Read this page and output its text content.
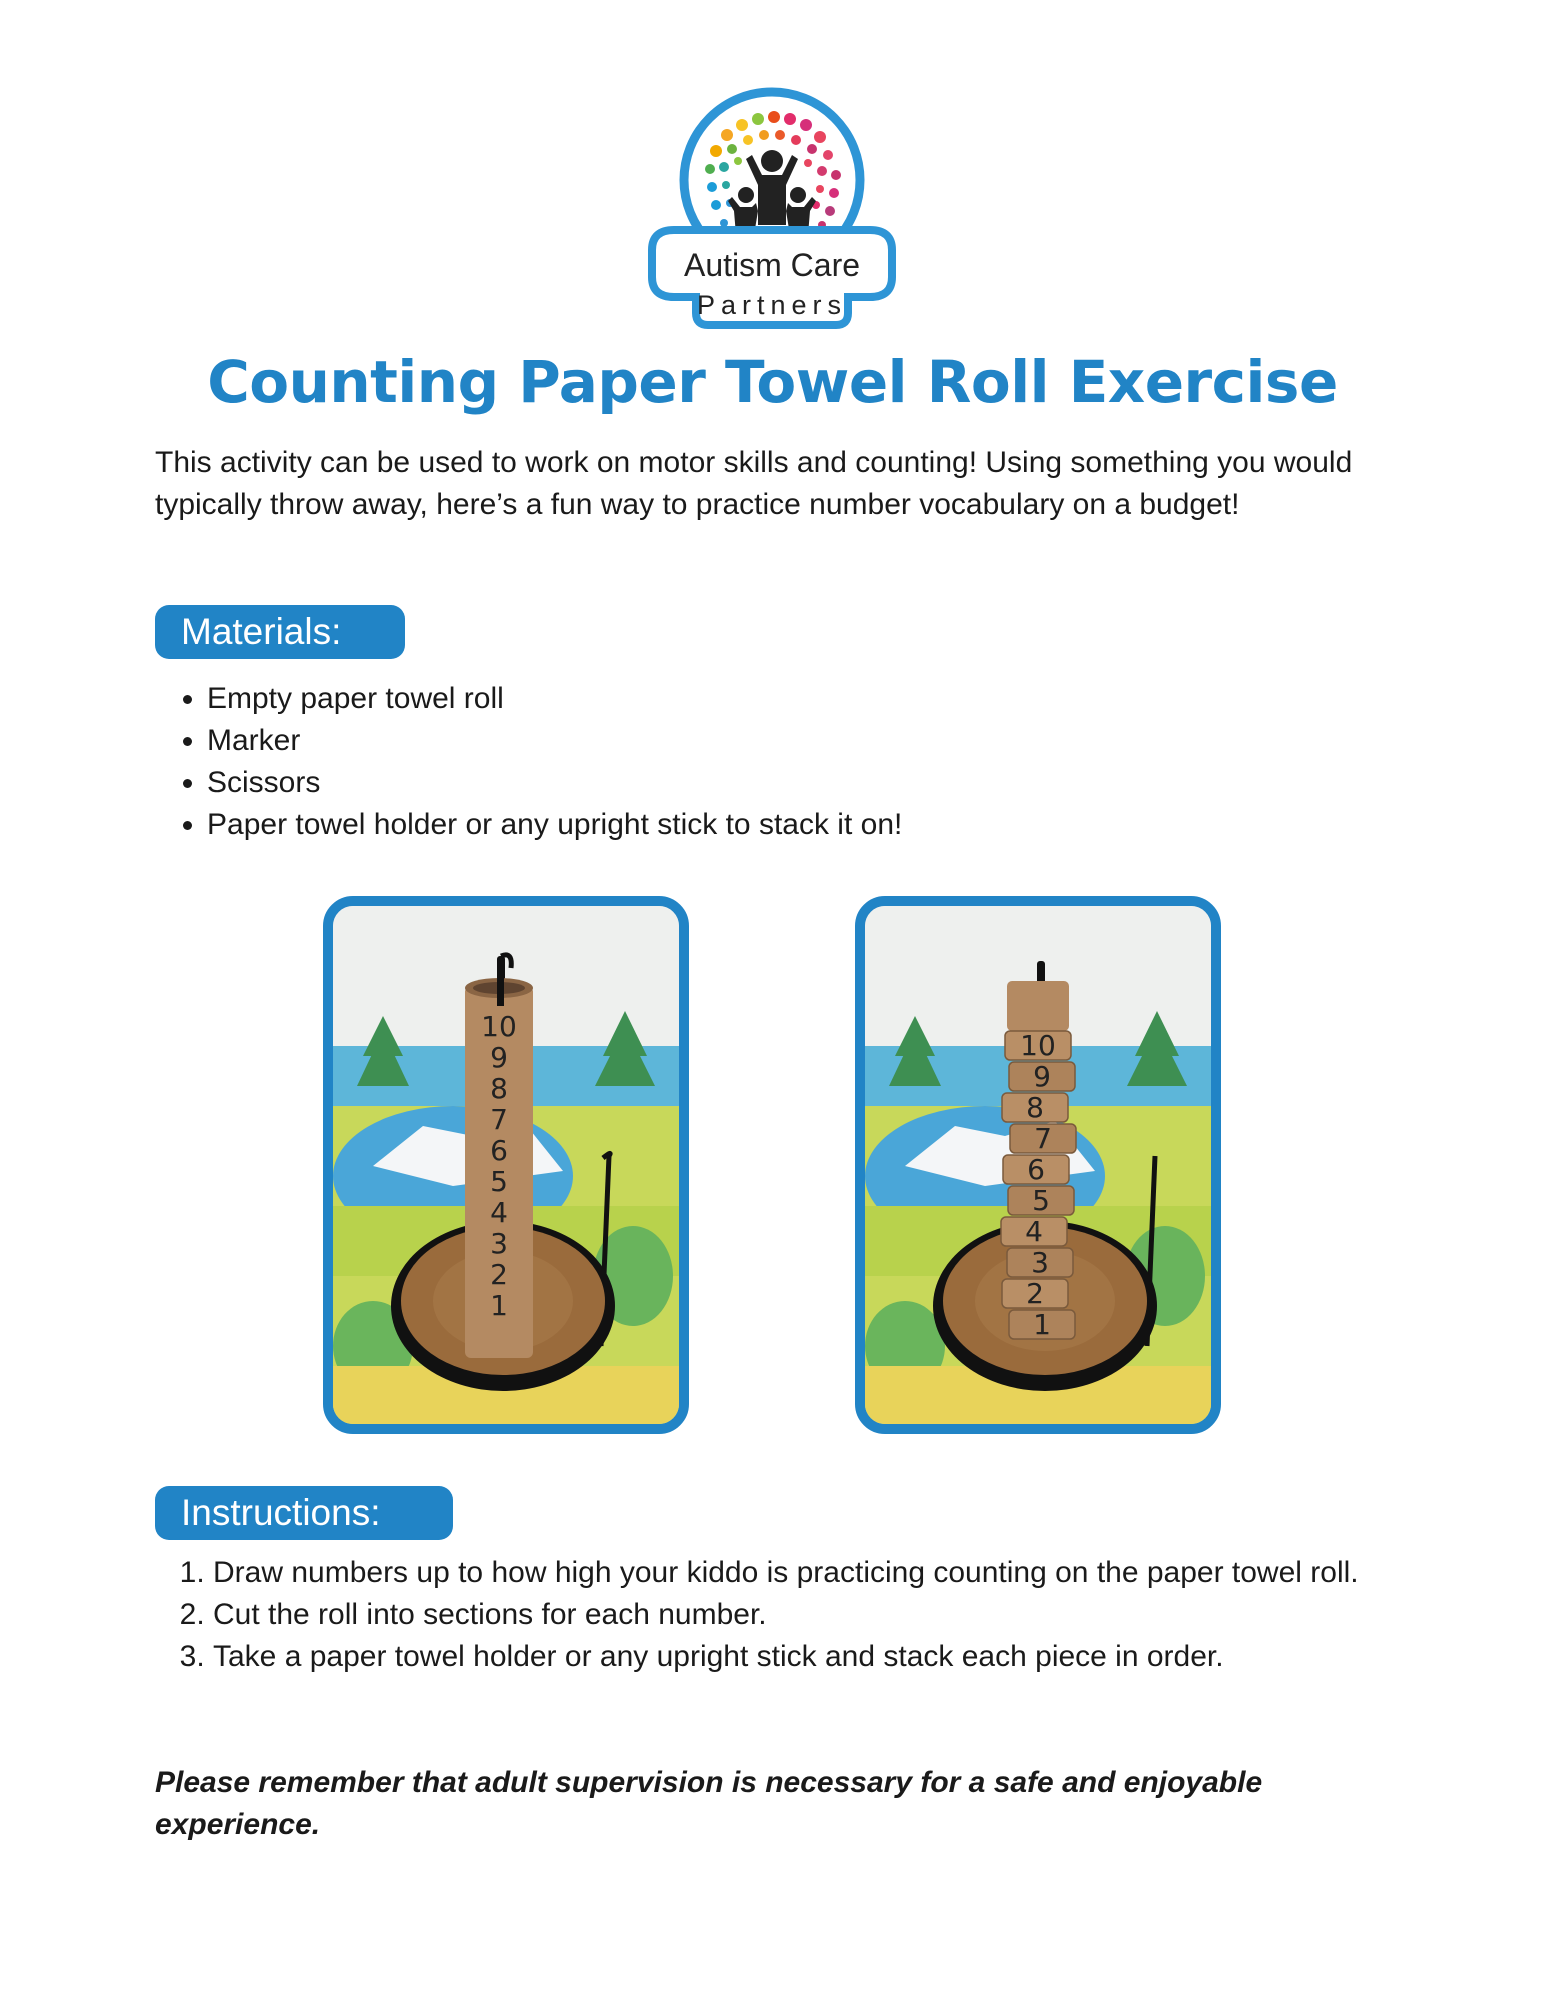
Autism Care
Partners
Counting Paper Towel Roll Exercise

This activity can be used to work on motor skills and counting! Using something you would typically throw away, here’s a fun way to practice number vocabulary on a budget!

Materials:
• Empty paper towel roll
• Marker
• Scissors
• Paper towel holder or any upright stick to stack it on!
10
9
8
7
6
5
4
3
2
1
10
9
8
7
6
5
4
3
2
1
Instructions:
1. Draw numbers up to how high your kiddo is practicing counting on the paper towel roll.
2. Cut the roll into sections for each number.
3. Take a paper towel holder or any upright stick and stack each piece in order.

Please remember that adult supervision is necessary for a safe and enjoyable experience.
